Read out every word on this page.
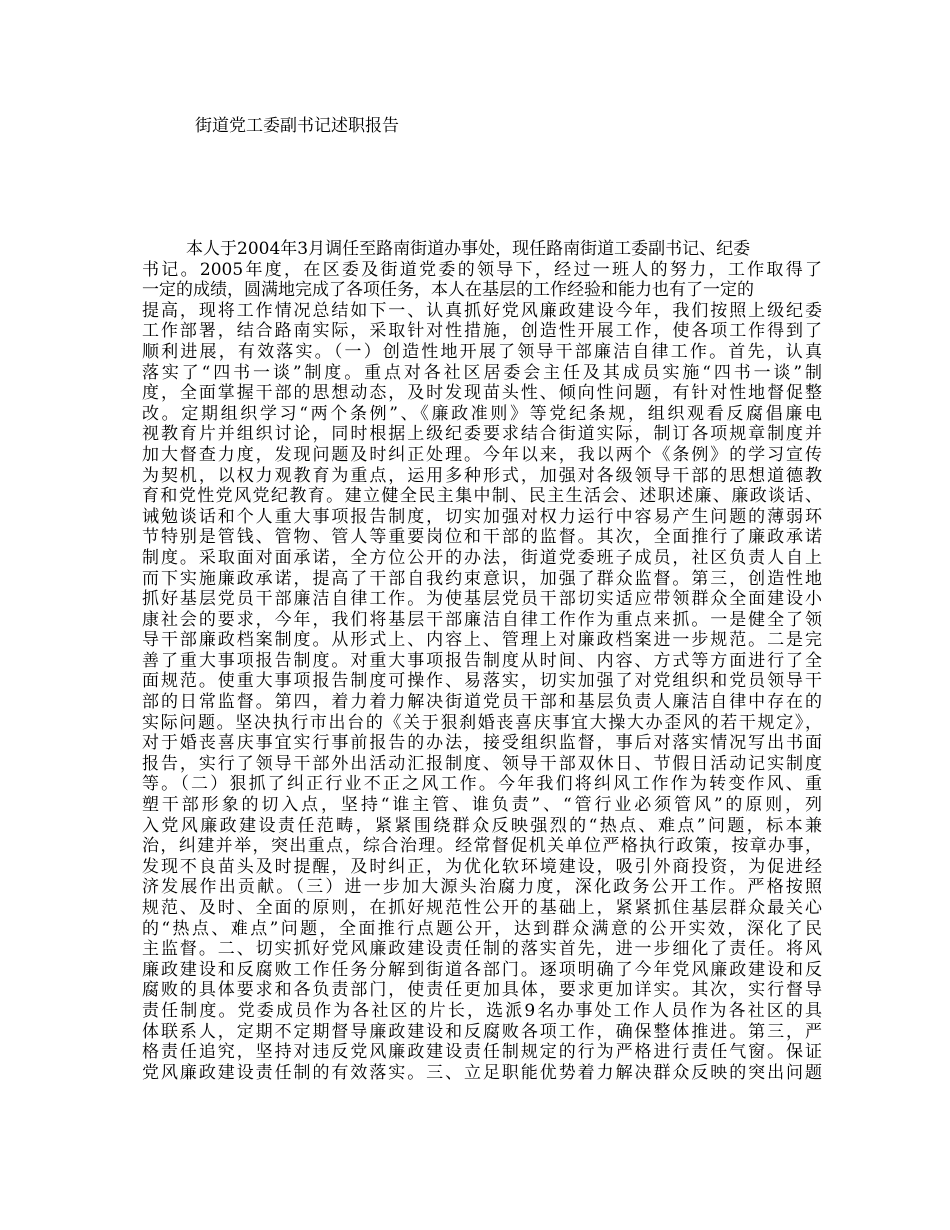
街道党工委副书记述职报告
本人于2004年3月调任至路南街道办事处，现任路南街道工委副书记、纪委
书记。2005年度，在区委及街道党委的领导下，经过一班人的努力，工作取得了
一定的成绩，圆满地完成了各项任务，本人在基层的工作经验和能力也有了一定的
提高，现将工作情况总结如下一、认真抓好党风廉政建设今年，我们按照上级纪委
工作部署，结合路南实际，采取针对性措施，创造性开展工作，使各项工作得到了
顺利进展，有效落实。（一）创造性地开展了领导干部廉洁自律工作。首先，认真
落实了“四书一谈”制度。重点对各社区居委会主任及其成员实施“四书一谈”制
度，全面掌握干部的思想动态，及时发现苗头性、倾向性问题，有针对性地督促整
改。定期组织学习“两个条例”、《廉政准则》等党纪条规，组织观看反腐倡廉电
视教育片并组织讨论，同时根据上级纪委要求结合街道实际，制订各项规章制度并
加大督查力度，发现问题及时纠正处理。今年以来，我以两个《条例》的学习宣传
为契机，以权力观教育为重点，运用多种形式，加强对各级领导干部的思想道德教
育和党性党风党纪教育。建立健全民主集中制、民主生活会、述职述廉、廉政谈话、
诫勉谈话和个人重大事项报告制度，切实加强对权力运行中容易产生问题的薄弱环
节特别是管钱、管物、管人等重要岗位和干部的监督。其次，全面推行了廉政承诺
制度。采取面对面承诺，全方位公开的办法，街道党委班子成员，社区负责人自上
而下实施廉政承诺，提高了干部自我约束意识，加强了群众监督。第三，创造性地
抓好基层党员干部廉洁自律工作。为使基层党员干部切实适应带领群众全面建设小
康社会的要求，今年，我们将基层干部廉洁自律工作作为重点来抓。一是健全了领
导干部廉政档案制度。从形式上、内容上、管理上对廉政档案进一步规范。二是完
善了重大事项报告制度。对重大事项报告制度从时间、内容、方式等方面进行了全
面规范。使重大事项报告制度可操作、易落实，切实加强了对党组织和党员领导干
部的日常监督。第四，着力着力解决街道党员干部和基层负责人廉洁自律中存在的
实际问题。坚决执行市出台的《关于狠刹婚丧喜庆事宜大操大办歪风的若干规定》，
对于婚丧喜庆事宜实行事前报告的办法，接受组织监督，事后对落实情况写出书面
报告，实行了领导干部外出活动汇报制度、领导干部双休日、节假日活动记实制度
等。（二）狠抓了纠正行业不正之风工作。今年我们将纠风工作作为转变作风、重
塑干部形象的切入点，坚持“谁主管、谁负责”、“管行业必须管风”的原则，列
入党风廉政建设责任范畴，紧紧围绕群众反映强烈的“热点、难点”问题，标本兼
治，纠建并举，突出重点，综合治理。经常督促机关单位严格执行政策，按章办事，
发现不良苗头及时提醒，及时纠正，为优化软环境建设，吸引外商投资，为促进经
济发展作出贡献。（三）进一步加大源头治腐力度，深化政务公开工作。严格按照
规范、及时、全面的原则，在抓好规范性公开的基础上，紧紧抓住基层群众最关心
的“热点、难点”问题，全面推行点题公开，达到群众满意的公开实效，深化了民
主监督。二、切实抓好党风廉政建设责任制的落实首先，进一步细化了责任。将风
廉政建设和反腐败工作任务分解到街道各部门。逐项明确了今年党风廉政建设和反
腐败的具体要求和各负责部门，使责任更加具体，要求更加详实。其次，实行督导
责任制度。党委成员作为各社区的片长，选派9名办事处工作人员作为各社区的具
体联系人，定期不定期督导廉政建设和反腐败各项工作，确保整体推进。第三，严
格责任追究，坚持对违反党风廉政建设责任制规定的行为严格进行责任气窗。保证
党风廉政建设责任制的有效落实。三、立足职能优势着力解决群众反映的突出问题
